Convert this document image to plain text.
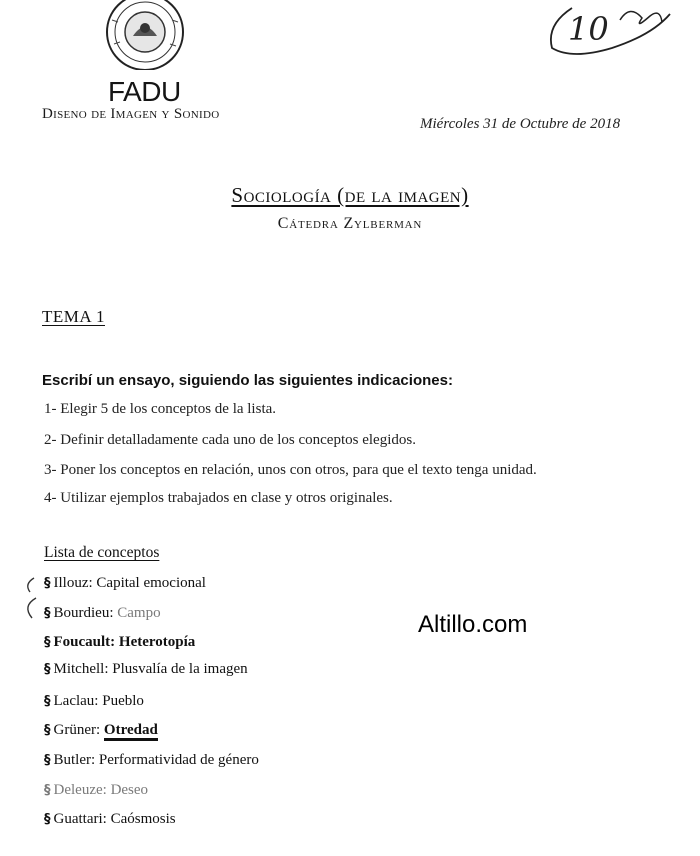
FADU
Diseno de Imagen y Sonido
Miércoles 31 de Octubre de 2018
10
Sociología (de la imagen)
Cátedra Zylberman
TEMA 1
Escribí un ensayo, siguiendo las siguientes indicaciones:
1- Elegir 5 de los conceptos de la lista.
2- Definir detalladamente cada uno de los conceptos elegidos.
3- Poner los conceptos en relación, unos con otros, para que el texto tenga unidad.
4- Utilizar ejemplos trabajados en clase y otros originales.
Lista de conceptos
§ Illouz: Capital emocional
§ Bourdieu: Campo
§ Foucault: Heterotopía
§ Mitchell: Plusvalía de la imagen
§ Laclau: Pueblo
§ Grüner: Otredad
§ Butler: Performatividad de género
§ Deleuze: Deseo
§ Guattari: Caósmosis
Altillo.com
